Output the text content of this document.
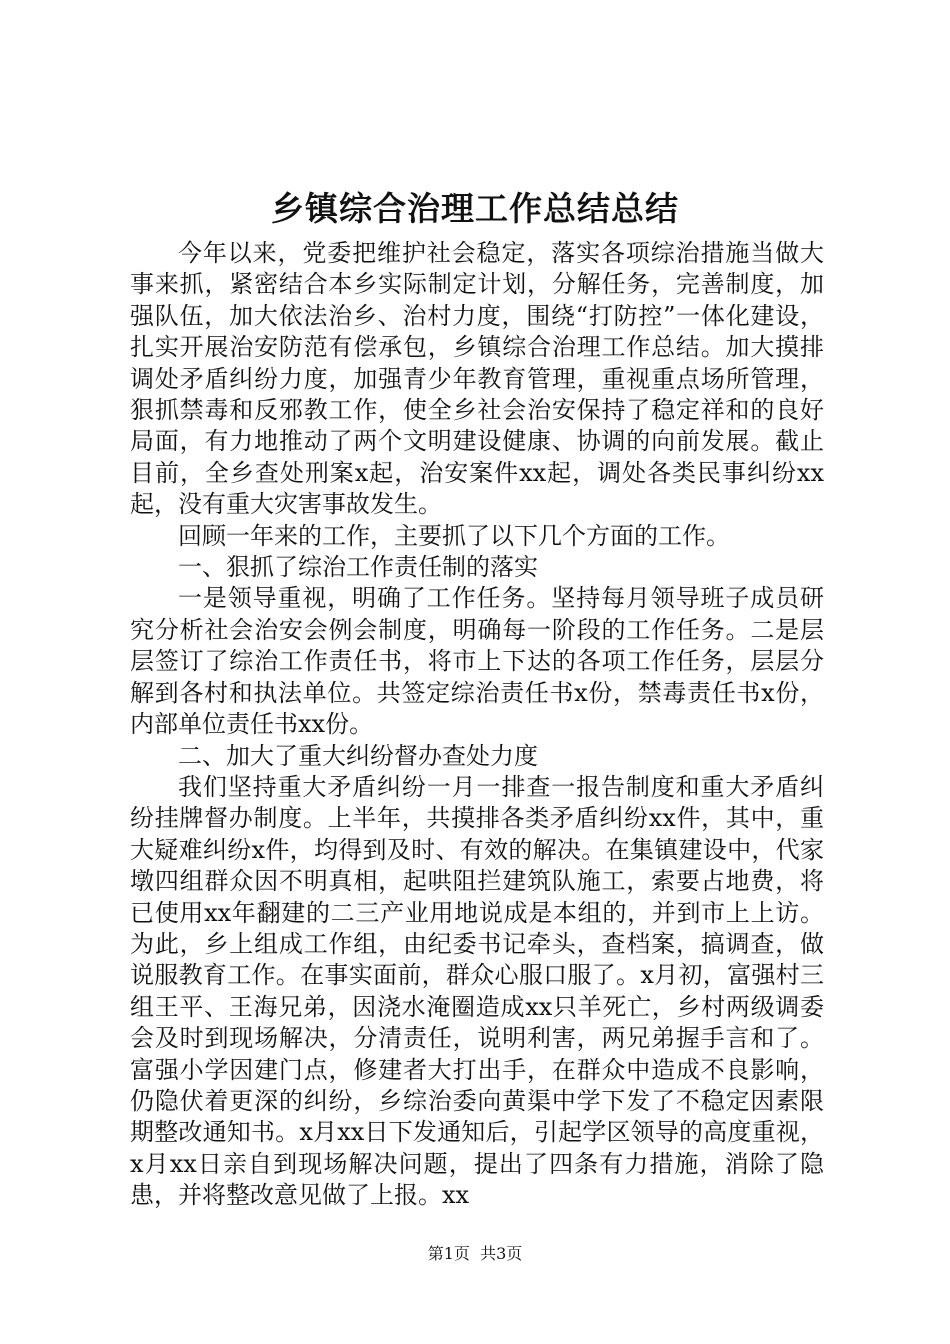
乡镇综合治理工作总结总结

今年以来，党委把维护社会稳定，落实各项综治措施当做大事来抓，紧密结合本乡实际制定计划，分解任务，完善制度，加强队伍，加大依法治乡、治村力度，围绕“打防控”一体化建设，扎实开展治安防范有偿承包，乡镇综合治理工作总结。加大摸排调处矛盾纠纷力度，加强青少年教育管理，重视重点场所管理，狠抓禁毒和反邪教工作，使全乡社会治安保持了稳定祥和的良好局面，有力地推动了两个文明建设健康、协调的向前发展。截止目前，全乡查处刑案x起，治安案件xx起，调处各类民事纠纷xx起，没有重大灾害事故发生。

回顾一年来的工作，主要抓了以下几个方面的工作。

一、狠抓了综治工作责任制的落实

一是领导重视，明确了工作任务。坚持每月领导班子成员研究分析社会治安会例会制度，明确每一阶段的工作任务。二是层层签订了综治工作责任书，将市上下达的各项工作任务，层层分解到各村和执法单位。共签定综治责任书x份，禁毒责任书x份，内部单位责任书xx份。

二、加大了重大纠纷督办查处力度

我们坚持重大矛盾纠纷一月一排查一报告制度和重大矛盾纠纷挂牌督办制度。上半年，共摸排各类矛盾纠纷xx件，其中，重大疑难纠纷x件，均得到及时、有效的解决。在集镇建设中，代家墩四组群众因不明真相，起哄阻拦建筑队施工，索要占地费，将已使用xx年翻建的二三产业用地说成是本组的，并到市上上访。为此，乡上组成工作组，由纪委书记牵头，查档案，搞调查，做说服教育工作。在事实面前，群众心服口服了。x月初，富强村三组王平、王海兄弟，因浇水淹圈造成xx只羊死亡，乡村两级调委会及时到现场解决，分清责任，说明利害，两兄弟握手言和了。富强小学因建门点，修建者大打出手，在群众中造成不良影响，仍隐伏着更深的纠纷，乡综治委向黄渠中学下发了不稳定因素限期整改通知书。x月xx日下发通知后，引起学区领导的高度重视，x月xx日亲自到现场解决问题，提出了四条有力措施，消除了隐患，并将整改意见做了上报。xx

第1页 共3页
